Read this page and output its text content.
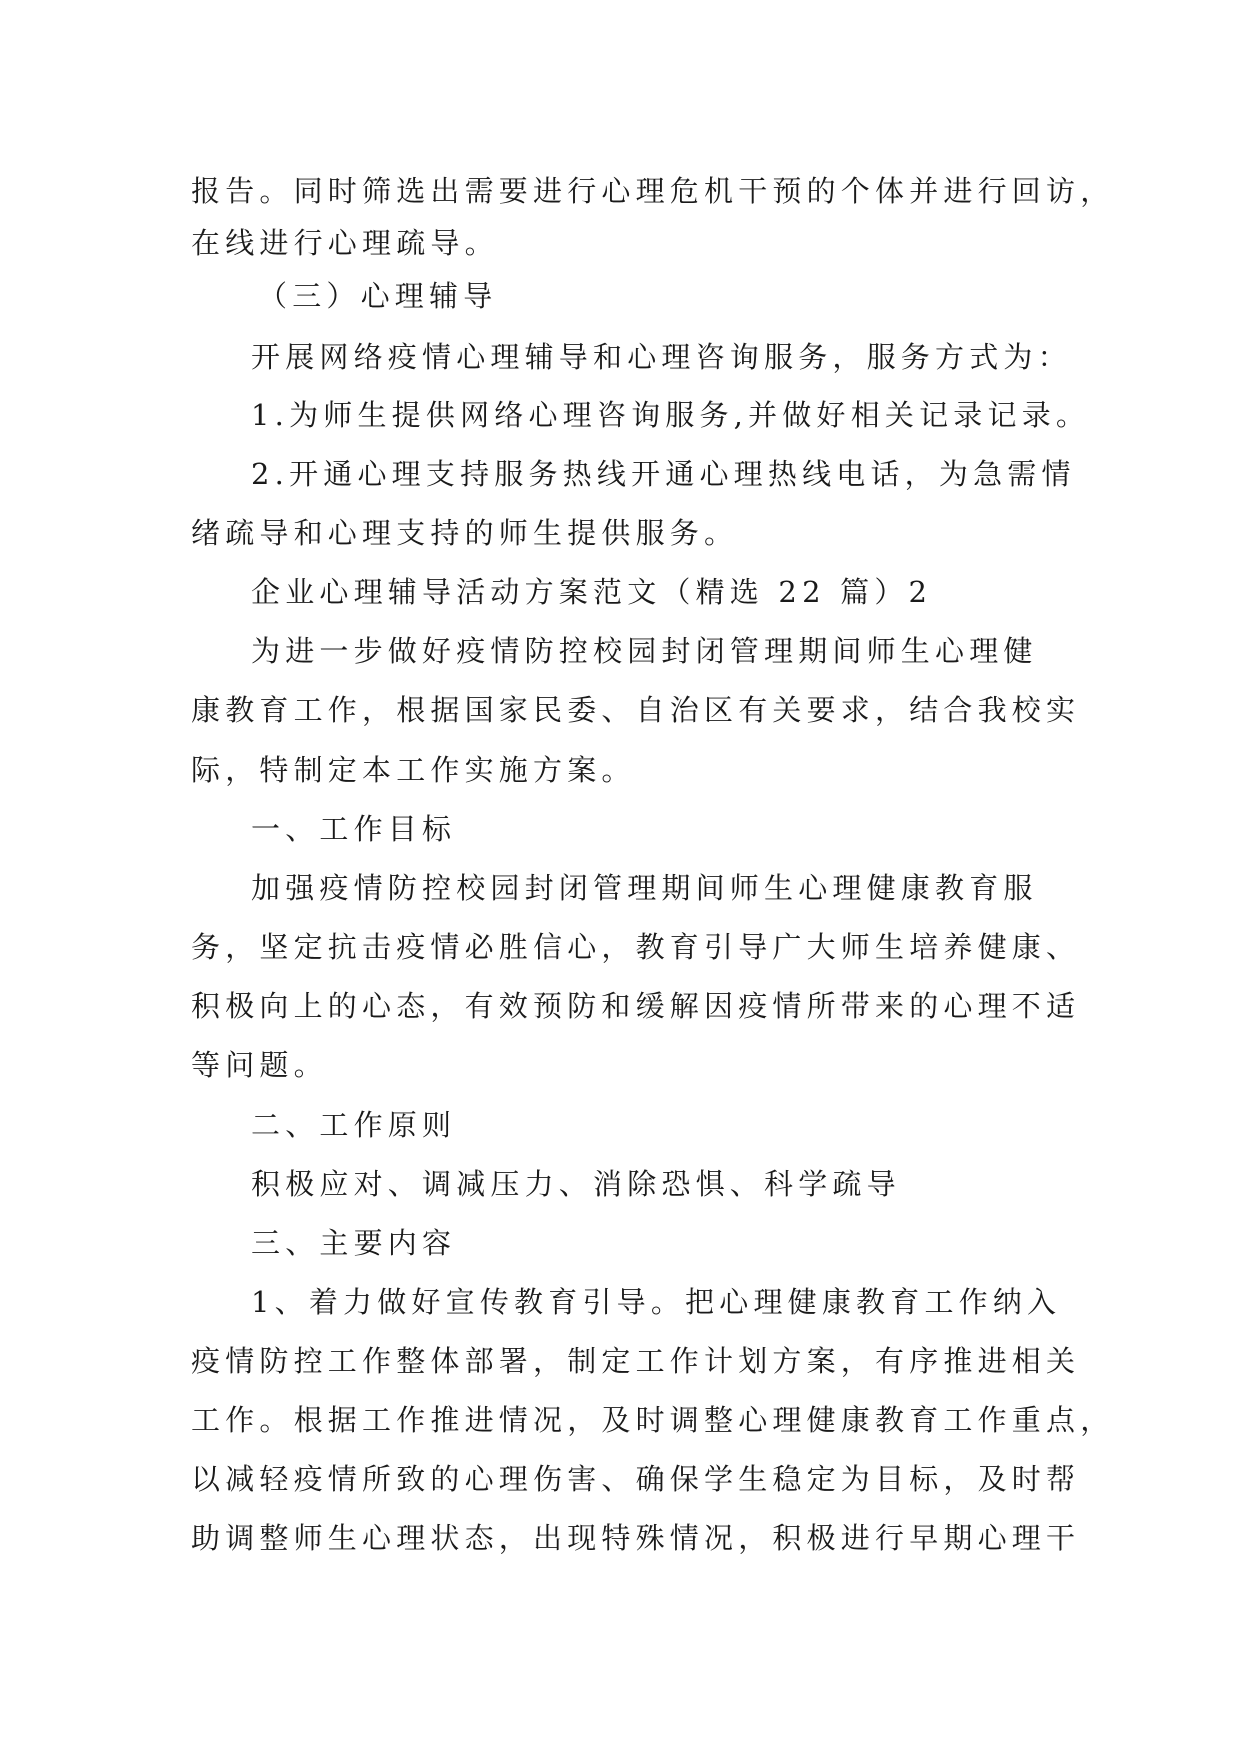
报告。同时筛选出需要进行心理危机干预的个体并进行回访，
在线进行心理疏导。
（三）心理辅导
开展网络疫情心理辅导和心理咨询服务，服务方式为：
1.为师生提供网络心理咨询服务,并做好相关记录记录。
2.开通心理支持服务热线开通心理热线电话，为急需情
绪疏导和心理支持的师生提供服务。
企业心理辅导活动方案范文（精选 22 篇）2
为进一步做好疫情防控校园封闭管理期间师生心理健
康教育工作，根据国家民委、自治区有关要求，结合我校实
际，特制定本工作实施方案。
一、工作目标
加强疫情防控校园封闭管理期间师生心理健康教育服
务，坚定抗击疫情必胜信心，教育引导广大师生培养健康、
积极向上的心态，有效预防和缓解因疫情所带来的心理不适
等问题。
二、工作原则
积极应对、调减压力、消除恐惧、科学疏导
三、主要内容
1、着力做好宣传教育引导。把心理健康教育工作纳入
疫情防控工作整体部署，制定工作计划方案，有序推进相关
工作。根据工作推进情况，及时调整心理健康教育工作重点，
以减轻疫情所致的心理伤害、确保学生稳定为目标，及时帮
助调整师生心理状态，出现特殊情况，积极进行早期心理干
